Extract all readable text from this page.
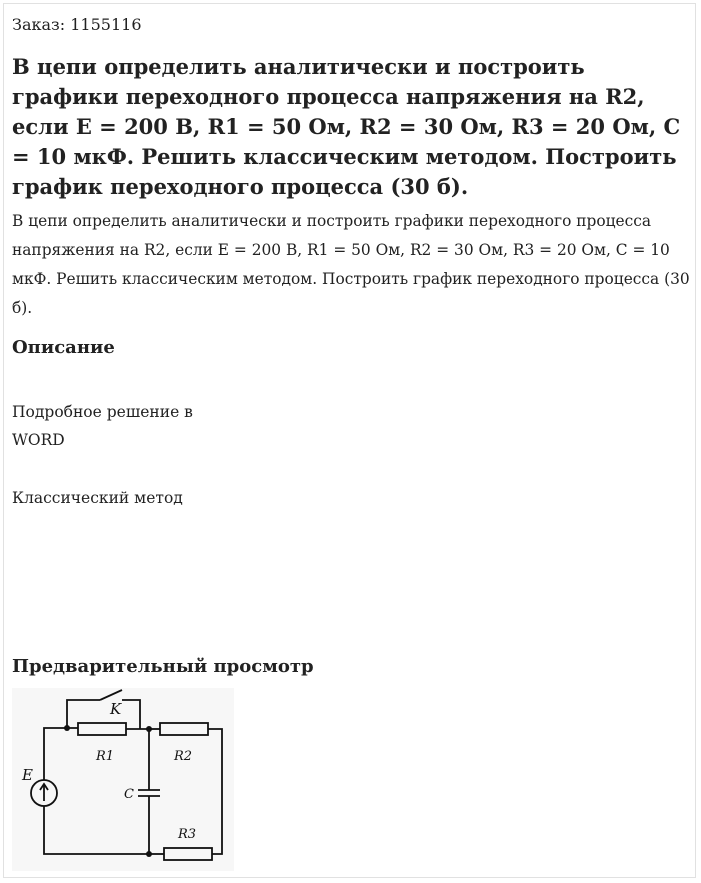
Заказ: 1155116
В цепи определить аналитически и построить графики переходного процесса напряжения на R2, если E = 200 В, R1 = 50 Ом, R2 = 30 Ом, R3 = 20 Ом, C = 10 мкФ. Решить классическим методом. Построить график переходного процесса (30 б).

В цепи определить аналитически и построить графики переходного процесса напряжения на R2, если E = 200 В, R1 = 50 Ом, R2 = 30 Ом, R3 = 20 Ом, C = 10 мкФ. Решить классическим методом. Построить график переходного процесса (30 б).

Описание

Подробное решение в

WORD

Классический метод

Предварительный просмотр
E
K
R1	R2
C
R3
